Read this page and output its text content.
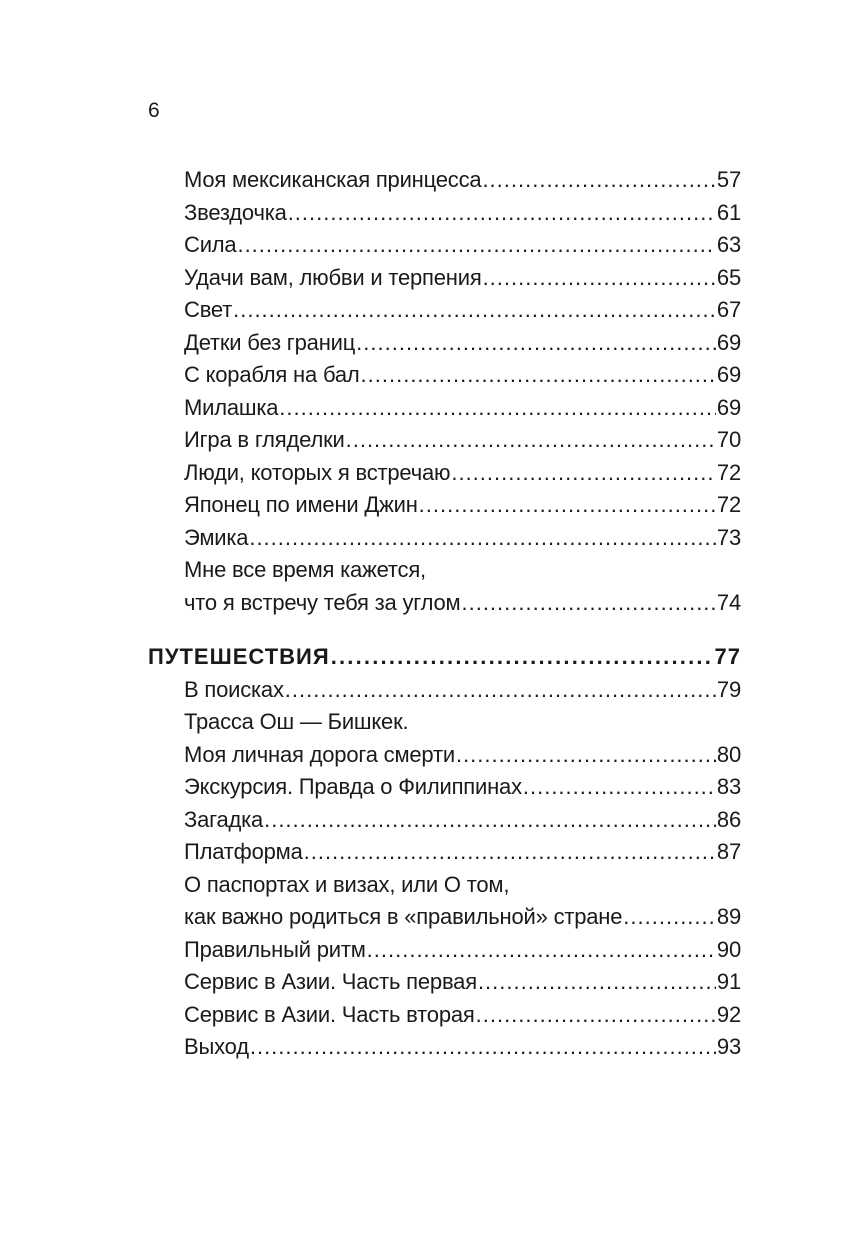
6
Моя мексиканская принцесса .....	57
Звездочка .....	61
Сила .....	63
Удачи вам, любви и терпения .....	65
Свет .....	67
Детки без границ .....	69
С корабля на бал .....	69
Милашка .....	69
Игра в гляделки .....	70
Люди, которых я встречаю .....	72
Японец по имени Джин .....	72
Эмика .....	73
Мне все время кажется,
что я встречу тебя за углом .....	74
ПУТЕШЕСТВИЯ .....	77
В поисках .....	79
Трасса Ош — Бишкек.
Моя личная дорога смерти .....	80
Экскурсия. Правда о Филиппинах .....	83
Загадка .....	86
Платформа .....	87
О паспортах и визах, или О том,
как важно родиться в «правильной» стране .....	89
Правильный ритм .....	90
Сервис в Азии. Часть первая .....	91
Сервис в Азии. Часть вторая .....	92
Выход .....	93
